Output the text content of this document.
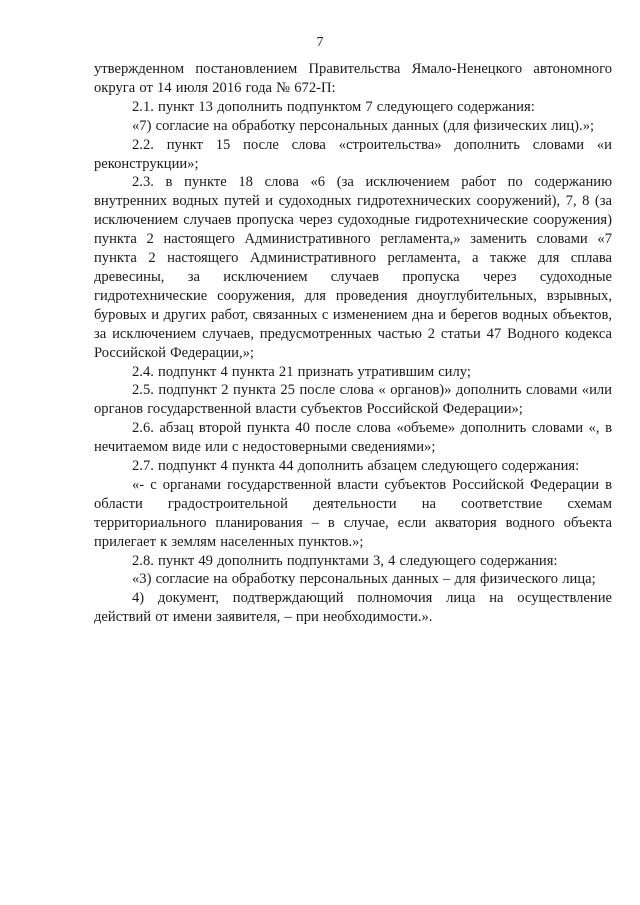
7

утвержденном постановлением Правительства Ямало-Ненецкого автономного округа от 14 июля 2016 года № 672-П:

2.1. пункт 13 дополнить подпунктом 7 следующего содержания:

«7) согласие на обработку персональных данных (для физических лиц).»;

2.2. пункт 15 после слова «строительства» дополнить словами «и реконструкции»;

2.3. в пункте 18 слова «6 (за исключением работ по содержанию внутренних водных путей и судоходных гидротехнических сооружений), 7, 8 (за исключением случаев пропуска через судоходные гидротехнические сооружения) пункта 2 настоящего Административного регламента,» заменить словами «7 пункта 2 настоящего Административного регламента, а также для сплава древесины, за исключением случаев пропуска через судоходные гидротехнические сооружения, для проведения дноуглубительных, взрывных, буровых и других работ, связанных с изменением дна и берегов водных объектов, за исключением случаев, предусмотренных частью 2 статьи 47 Водного кодекса Российской Федерации,»;

2.4. подпункт 4 пункта 21 признать утратившим силу;

2.5. подпункт 2 пункта 25 после слова « органов)» дополнить словами «или органов государственной власти субъектов Российской Федерации»;

2.6. абзац второй пункта 40 после слова «объеме» дополнить словами «, в нечитаемом виде или с недостоверными сведениями»;

2.7. подпункт 4 пункта 44 дополнить абзацем следующего содержания:

«- с органами государственной власти субъектов Российской Федерации в области градостроительной деятельности на соответствие схемам территориального планирования – в случае, если акватория водного объекта прилегает к землям населенных пунктов.»;

2.8. пункт 49 дополнить подпунктами 3, 4 следующего содержания:

«3) согласие на обработку персональных данных – для физического лица;

4) документ, подтверждающий полномочия лица на осуществление действий от имени заявителя, – при необходимости.».
